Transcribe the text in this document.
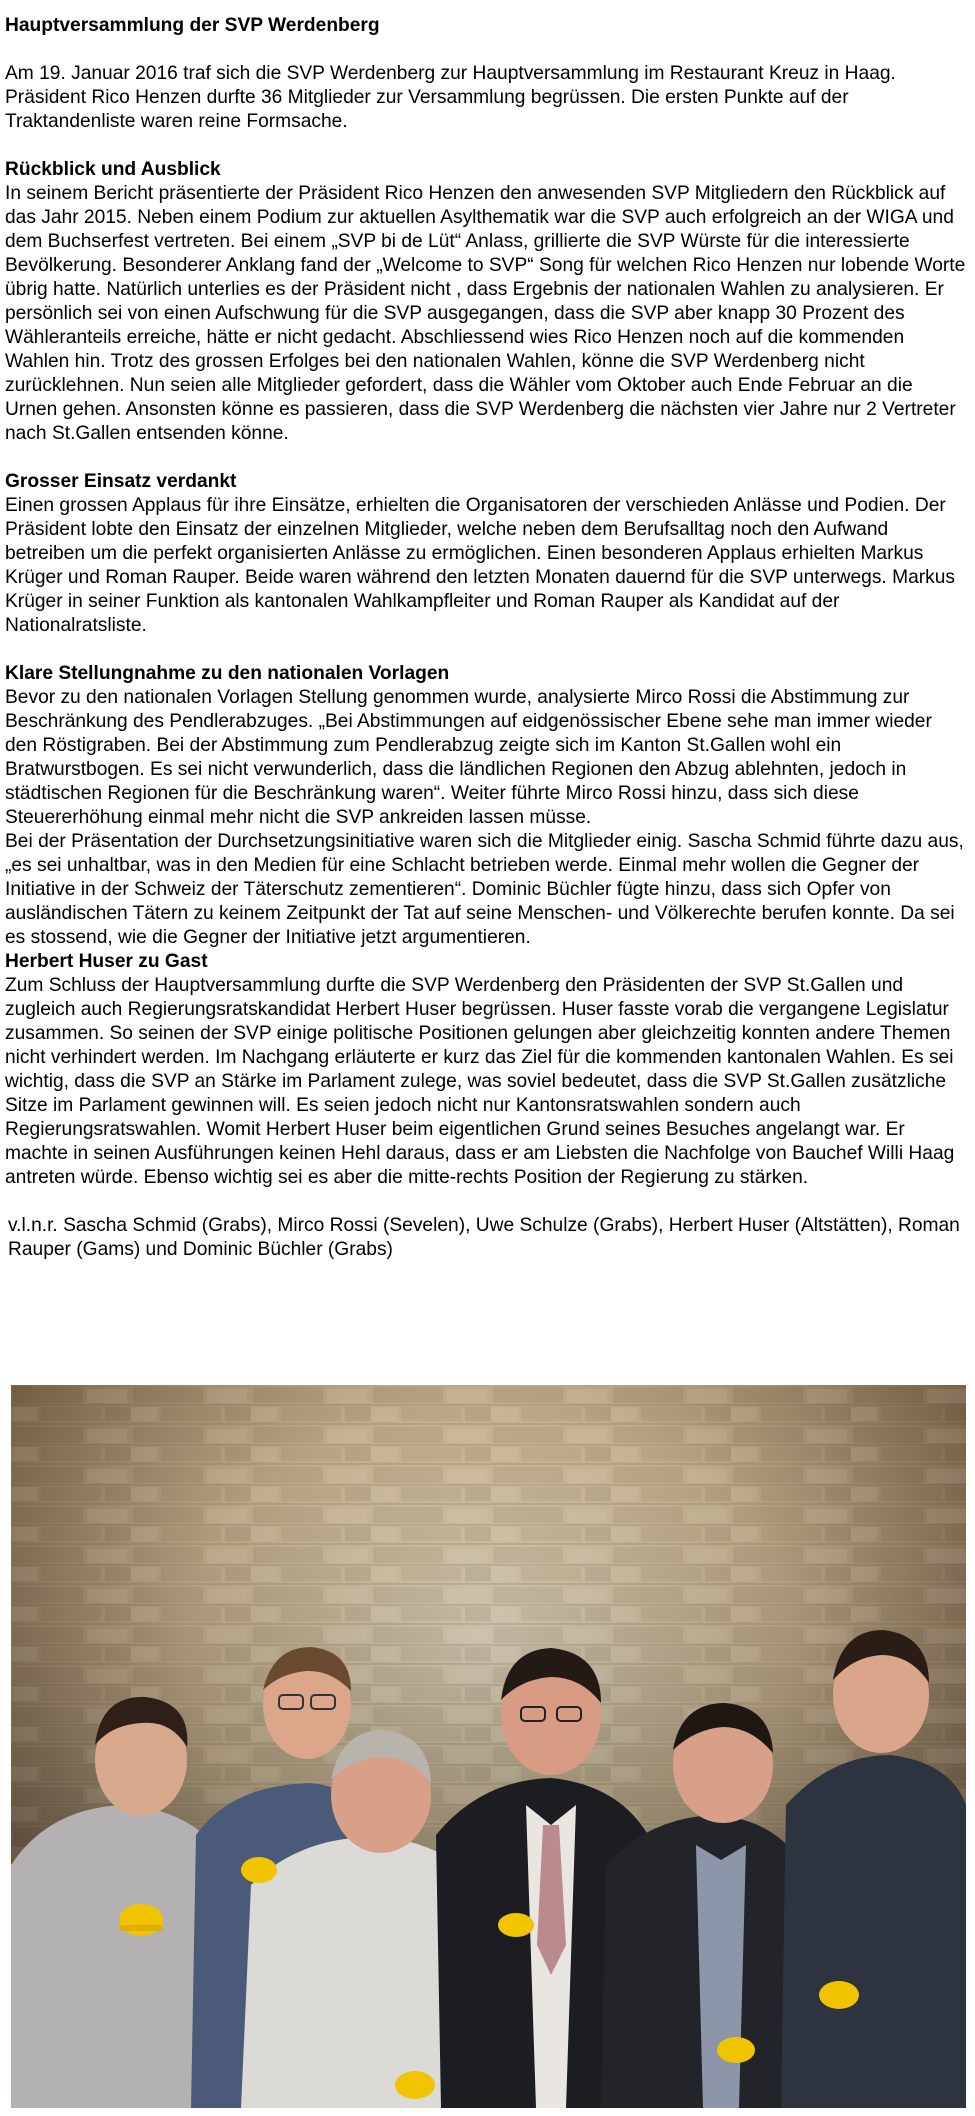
Hauptversammlung der SVP Werdenberg

Am 19. Januar 2016 traf sich die SVP Werdenberg zur Hauptversammlung im Restaurant Kreuz in Haag. Präsident Rico Henzen durfte 36 Mitglieder zur Versammlung begrüssen. Die ersten Punkte auf der Traktandenliste waren reine Formsache.

Rückblick und Ausblick

In seinem Bericht präsentierte der Präsident Rico Henzen den anwesenden SVP Mitgliedern den Rückblick auf das Jahr 2015. Neben einem Podium zur aktuellen Asylthematik war die SVP auch erfolgreich an der WIGA und dem Buchserfest vertreten. Bei einem „SVP bi de Lüt“ Anlass, grillierte die SVP Würste für die interessierte Bevölkerung. Besonderer Anklang fand der „Welcome to SVP“ Song für welchen Rico Henzen nur lobende Worte übrig hatte. Natürlich unterlies es der Präsident nicht , dass Ergebnis der nationalen Wahlen zu analysieren. Er persönlich sei von einen Aufschwung für die SVP ausgegangen, dass die SVP aber knapp 30 Prozent des Wähleranteils erreiche, hätte er nicht gedacht. Abschliessend wies Rico Henzen noch auf die kommenden Wahlen hin. Trotz des grossen Erfolges bei den nationalen Wahlen, könne die SVP Werdenberg nicht zurücklehnen. Nun seien alle Mitglieder gefordert, dass die Wähler vom Oktober auch Ende Februar an die Urnen gehen. Ansonsten könne es passieren, dass die SVP Werdenberg die nächsten vier Jahre nur 2 Vertreter nach St.Gallen entsenden könne.

Grosser Einsatz verdankt

Einen grossen Applaus für ihre Einsätze, erhielten die Organisatoren der verschieden Anlässe und Podien. Der Präsident lobte den Einsatz der einzelnen Mitglieder, welche neben dem Berufsalltag noch den Aufwand betreiben um die perfekt organisierten Anlässe zu ermöglichen. Einen besonderen Applaus erhielten Markus Krüger und Roman Rauper. Beide waren während den letzten Monaten dauernd für die SVP unterwegs. Markus Krüger in seiner Funktion als kantonalen Wahlkampfleiter und Roman Rauper als Kandidat auf der Nationalratsliste.

Klare Stellungnahme zu den nationalen Vorlagen

Bevor zu den nationalen Vorlagen Stellung genommen wurde, analysierte Mirco Rossi die Abstimmung zur Beschränkung des Pendlerabzuges. „Bei Abstimmungen auf eidgenössischer Ebene sehe man immer wieder den Röstigraben. Bei der Abstimmung zum Pendlerabzug zeigte sich im Kanton St.Gallen wohl ein Bratwurstbogen. Es sei nicht verwunderlich, dass die ländlichen Regionen den Abzug ablehnten, jedoch in städtischen Regionen für die Beschränkung waren“. Weiter führte Mirco Rossi hinzu, dass sich diese Steuererhöhung einmal mehr nicht die SVP ankreiden lassen müsse.

Bei der Präsentation der Durchsetzungsinitiative waren sich die Mitglieder einig. Sascha Schmid führte dazu aus, „es sei unhaltbar, was in den Medien für eine Schlacht betrieben werde. Einmal mehr wollen die Gegner der Initiative in der Schweiz der Täterschutz zementieren“. Dominic Büchler fügte hinzu, dass sich Opfer von ausländischen Tätern zu keinem Zeitpunkt der Tat auf seine Menschen- und Völkerechte berufen konnte. Da sei es stossend, wie die Gegner der Initiative jetzt argumentieren.

Herbert Huser zu Gast

Zum Schluss der Hauptversammlung durfte die SVP Werdenberg den Präsidenten der SVP St.Gallen und zugleich auch Regierungsratskandidat Herbert Huser begrüssen. Huser fasste vorab die vergangene Legislatur zusammen. So seinen der SVP einige politische Positionen gelungen aber gleichzeitig konnten andere Themen nicht verhindert werden. Im Nachgang erläuterte er kurz das Ziel für die kommenden kantonalen Wahlen. Es sei wichtig, dass die SVP an Stärke im Parlament zulege, was soviel bedeutet, dass die SVP St.Gallen zusätzliche Sitze im Parlament gewinnen will. Es seien jedoch nicht nur Kantonsratswahlen sondern auch Regierungsratswahlen. Womit Herbert Huser beim eigentlichen Grund seines Besuches angelangt war. Er machte in seinen Ausführungen keinen Hehl daraus, dass er am Liebsten die Nachfolge von Bauchef Willi Haag antreten würde. Ebenso wichtig sei es aber die mitte-rechts Position der Regierung zu stärken.

v.l.n.r. Sascha Schmid (Grabs), Mirco Rossi (Sevelen), Uwe Schulze (Grabs), Herbert Huser (Altstätten), Roman Rauper (Gams) und Dominic Büchler (Grabs)
